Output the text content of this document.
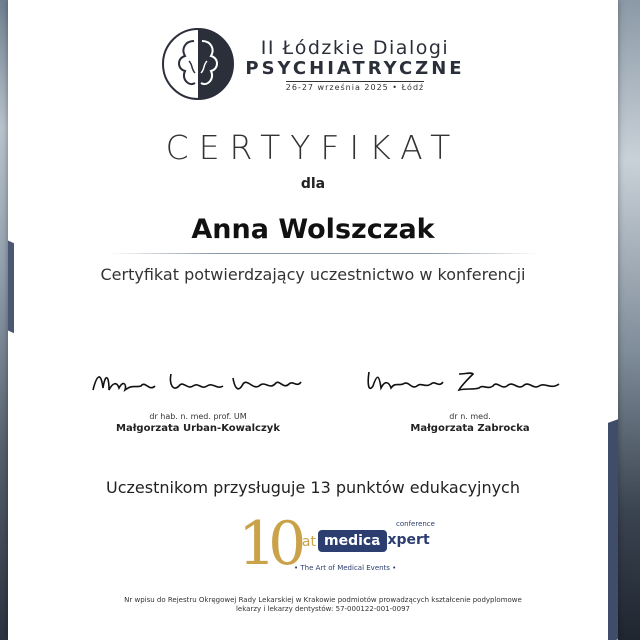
II Łódzkie Dialogi
PSYCHIATRYCZNE
26-27 września 2025 • Łódź
CERTYFIKAT
dla
Anna Wolszczak
Certyfikat potwierdzający uczestnictwo w konferencji
dr hab. n. med. prof. UM
Małgorzata Urban-Kowalczyk
dr n. med.
Małgorzata Zabrocka
Uczestnikom przysługuje 13 punktów edukacyjnych
10 lat medica
expert
conference
• The Art of Medical Events •
Nr wpisu do Rejestru Okręgowej Rady Lekarskiej w Krakowie podmiotów prowadzących kształcenie podyplomowe
lekarzy i lekarzy dentystów: 57-000122-001-0097
